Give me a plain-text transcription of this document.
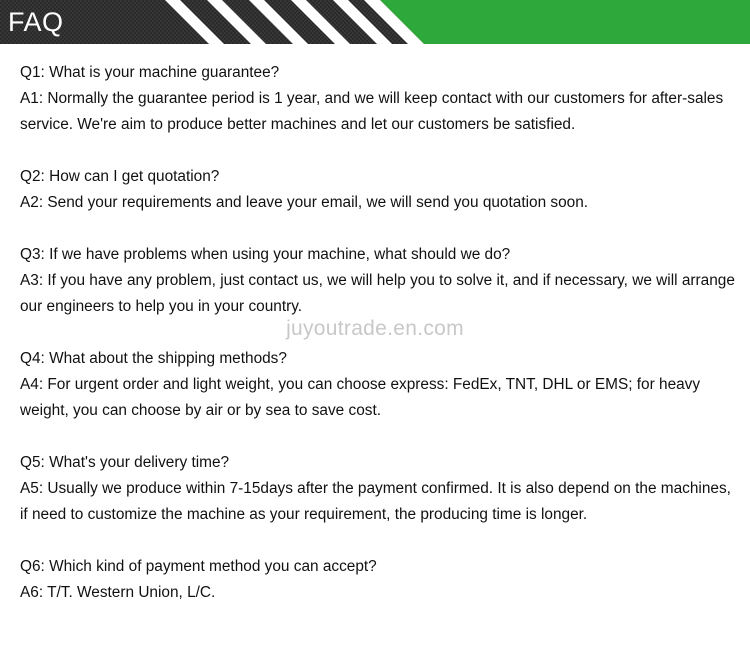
FAQ
Q1: What is your machine guarantee?
A1: Normally the guarantee period is 1 year, and we will keep contact with our customers for after-sales service. We're aim to produce better machines and let our customers be satisfied.
Q2: How can I get quotation?
A2: Send your requirements and leave your email, we will send you quotation soon.
Q3: If we have problems when using your machine, what should we do?
A3: If you have any problem, just contact us, we will help you to solve it, and if necessary, we will arrange our engineers to help you in your country.
Q4: What about the shipping methods?
A4: For urgent order and light weight, you can choose express: FedEx, TNT, DHL or EMS; for heavy weight, you can choose by air or by sea to save cost.
Q5: What's your delivery time?
A5: Usually we produce within 7-15days after the payment confirmed. It is also depend on the machines, if need to customize the machine as your requirement, the producing time is longer.
Q6: Which kind of payment method you can accept?
A6: T/T. Western Union, L/C.
juyoutrade.en.com
